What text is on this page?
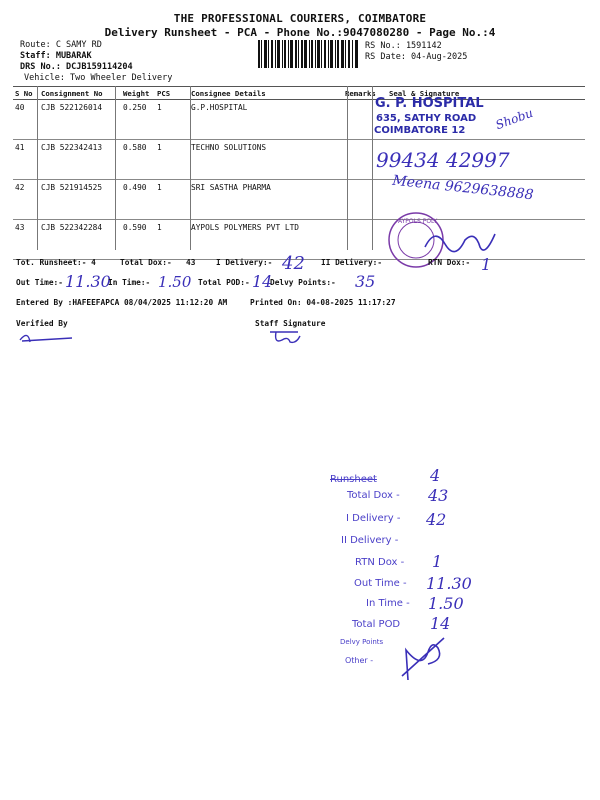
THE PROFESSIONAL COURIERS, COIMBATORE
Delivery Runsheet - PCA - Phone No.:9047080280 - Page No.:4
Route: C SAMY RD
Staff: MUBARAK
DRS No.: DCJB159114204
Vehicle: Two Wheeler Delivery
RS No.: 1591142
RS Date: 04-Aug-2025
S No	Consignment No	Weight	PCS	Consignee Details	Remarks	Seal & Signature
40	CJB 522126014	0.250	1	G.P.HOSPITAL		
41	CJB 522342413	0.580	1	TECHNO SOLUTIONS		
42	CJB 521914525	0.490	1	SRI SASTHA PHARMA		
43	CJB 522342284	0.590	1	AYPOLS POLYMERS PVT LTD		
G. P. HOSPITAL
635, SATHY ROAD
COIMBATORE 12 Shobu
99434 42997
Meena 9629638888
AYPOLS POLY
Tot. Runsheet:- 4	Total Dox:- 43	I Delivery:- 42 II Delivery:-	RTN Dox:- 1
Out Time:- 11.30
In Time:- 1.50 Total POD:- 14
Delvy Points:- 35
Entered By :HAFEEFAPCA 08/04/2025 11:12:20 AM	Printed On: 04-08-2025 11:17:27
Verified By	Staff Signature
Runsheet	4
Total Dox - 43
I Delivery - 42
II Delivery -
RTN Dox - 1
Out Time - 11.30
In Time - 1.50
Total POD 14
Delvy Points
Other -
